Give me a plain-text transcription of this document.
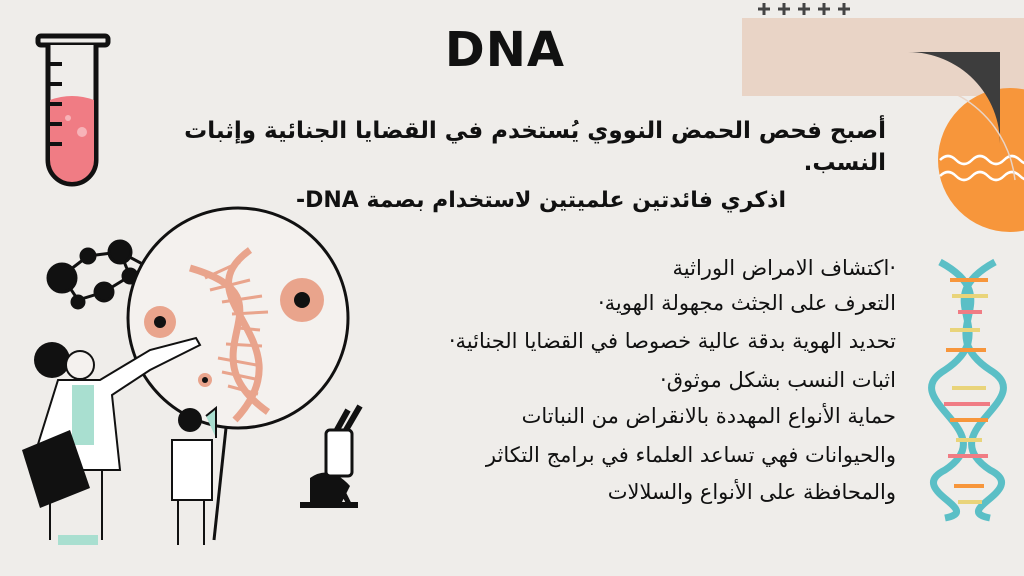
DNA
أصبح فحص الحمض النووي يُستخدم في القضايا الجنائية وإثبات
النسب.
اذكري فائدتين علميتين لاستخدام بصمة DNA-
·اكتشاف الامراض الوراثية
التعرف على الجثث مجهولة الهوية·
تحديد الهوية بدقة عالية خصوصا في القضايا الجنائية·
اثبات النسب بشكل موثوق·
حماية الأنواع المهددة بالانقراض من النباتات
والحيوانات فهي تساعد العلماء في برامج التكاثر
والمحافظة على الأنواع والسلالات
